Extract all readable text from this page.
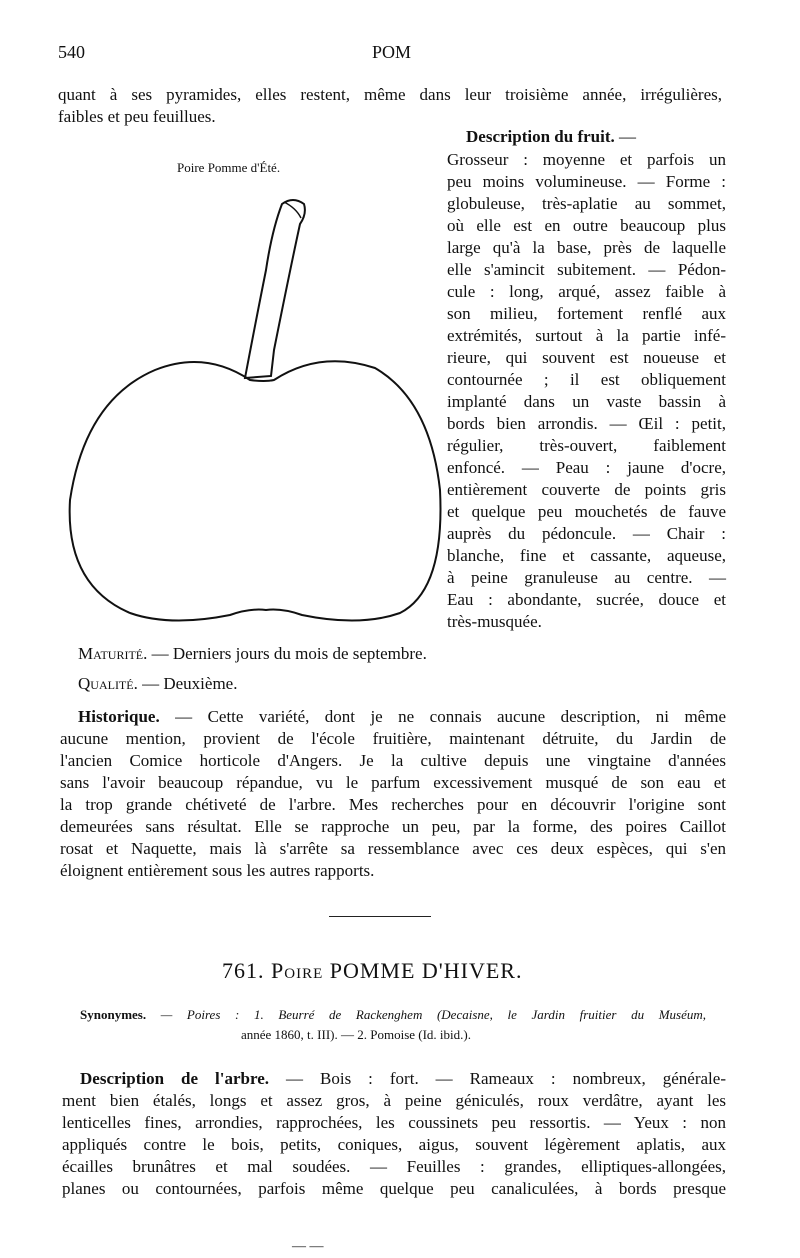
540	POM
quant à ses pyramides, elles restent, même dans leur troisième année, irrégulières,
faibles et peu feuillues.
Poire Pomme d'Été.
Description du fruit. —
Grosseur : moyenne et parfois un
peu moins volumineuse. — Forme :
globuleuse, très-aplatie au sommet,
où elle est en outre beaucoup plus
large qu'à la base, près de laquelle
elle s'amincit subitement. — Pédon-
cule : long, arqué, assez faible à
son milieu, fortement renflé aux
extrémités, surtout à la partie infé-
rieure, qui souvent est noueuse et
contournée ; il est obliquement
implanté dans un vaste bassin à
bords bien arrondis. — Œil : petit,
régulier, très-ouvert, faiblement
enfoncé. — Peau : jaune d'ocre,
entièrement couverte de points gris
et quelque peu mouchetés de fauve
auprès du pédoncule. — Chair :
blanche, fine et cassante, aqueuse,
à peine granuleuse au centre. —
Eau : abondante, sucrée, douce et
très-musquée.
Maturité. — Derniers jours du mois de septembre.
Qualité. — Deuxième.
Historique. — Cette variété, dont je ne connais aucune description, ni même
aucune mention, provient de l'école fruitière, maintenant détruite, du Jardin de
l'ancien Comice horticole d'Angers. Je la cultive depuis une vingtaine d'années
sans l'avoir beaucoup répandue, vu le parfum excessivement musqué de son eau et
la trop grande chétiveté de l'arbre. Mes recherches pour en découvrir l'origine sont
demeurées sans résultat. Elle se rapproche un peu, par la forme, des poires Caillot
rosat et Naquette, mais là s'arrête sa ressemblance avec ces deux espèces, qui s'en
éloignent entièrement sous les autres rapports.
761. Poire POMME D'HIVER.
Synonymes. — Poires : 1. Beurré de Rackenghem (Decaisne, le Jardin fruitier du Muséum,
année 1860, t. III). — 2. Pomoise (Id. ibid.).
Description de l'arbre. — Bois : fort. — Rameaux : nombreux, générale-
ment bien étalés, longs et assez gros, à peine géniculés, roux verdâtre, ayant les
lenticelles fines, arrondies, rapprochées, les coussinets peu ressortis. — Yeux : non
appliqués contre le bois, petits, coniques, aigus, souvent légèrement aplatis, aux
écailles brunâtres et mal soudées. — Feuilles : grandes, elliptiques-allongées,
planes ou contournées, parfois même quelque peu canaliculées, à bords presque
— —
